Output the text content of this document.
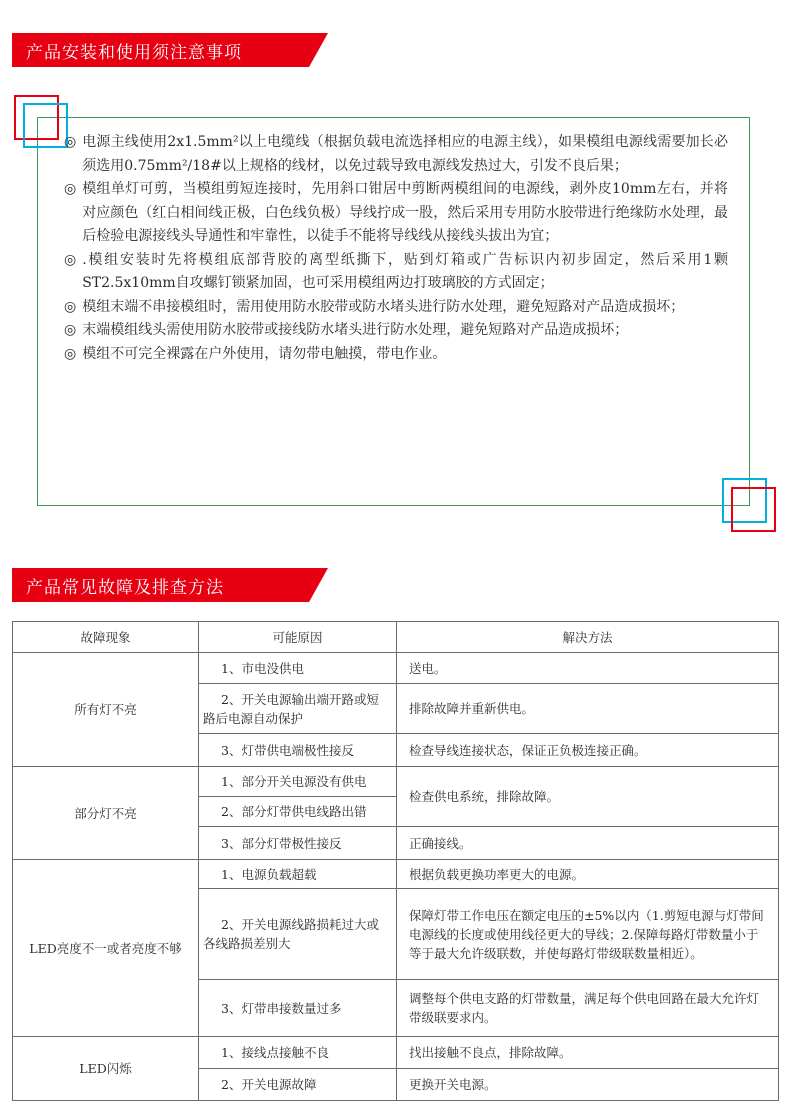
产品安装和使用须注意事项
◎ 电源主线使用2x1.5mm²以上电缆线（根据负载电流选择相应的电源主线），如果模组电源线需要加长必须选用0.75mm²/18#以上规格的线材，以免过载导致电源线发热过大，引发不良后果；
◎ 模组单灯可剪，当模组剪短连接时，先用斜口钳居中剪断两模组间的电源线，剥外皮10mm左右，并将对应颜色（红白相间线正极，白色线负极）导线拧成一股，然后采用专用防水胶带进行绝缘防水处理，最后检验电源接线头导通性和牢靠性，以徒手不能将导线线从接线头拔出为宜；
◎ .模组安装时先将模组底部背胶的离型纸撕下，贴到灯箱或广告标识内初步固定，然后采用1颗ST2.5x10mm自攻螺钉锁紧加固，也可采用模组两边打玻璃胶的方式固定；
◎ 模组末端不串接模组时，需用使用防水胶带或防水堵头进行防水处理，避免短路对产品造成损坏；
◎ 末端模组线头需使用防水胶带或接线防水堵头进行防水处理，避免短路对产品造成损坏；
◎ 模组不可完全裸露在户外使用，请勿带电触摸，带电作业。
产品常见故障及排查方法
故障现象	可能原因	解决方法
所有灯不亮	1、市电没供电	送电。
	2、开关电源输出端开路或短路后电源自动保护	排除故障并重新供电。
	3、灯带供电端极性接反	检查导线连接状态，保证正负极连接正确。
部分灯不亮	1、部分开关电源没有供电	检查供电系统，排除故障。
	2、部分灯带供电线路出错	
	3、部分灯带极性接反	正确接线。
LED亮度不一或者亮度不够	1、电源负载超载	根据负载更换功率更大的电源。
	2、开关电源线路损耗过大或各线路损差别大	保障灯带工作电压在额定电压的±5%以内（1.剪短电源与灯带间电源线的长度或使用线径更大的导线；2.保障每路灯带数量小于等于最大允许级联数，并使每路灯带级联数量相近）。
	3、灯带串接数量过多	调整每个供电支路的灯带数量，满足每个供电回路在最大允许灯带级联要求内。
LED闪烁	1、接线点接触不良	找出接触不良点，排除故障。
	2、开关电源故障	更换开关电源。
